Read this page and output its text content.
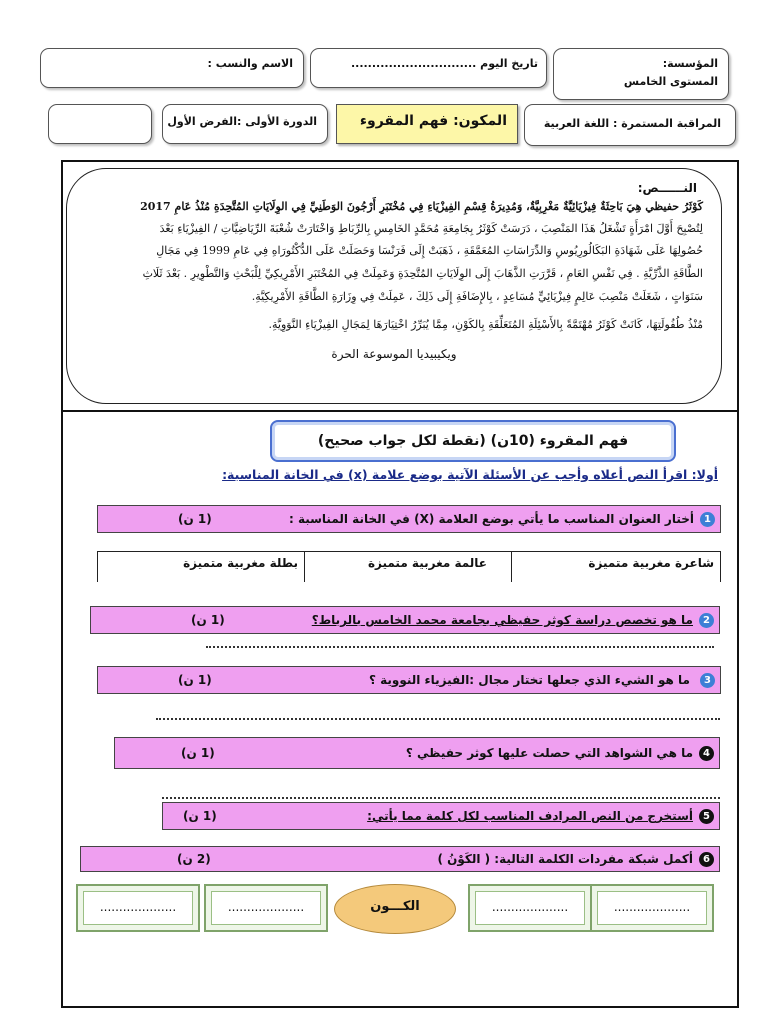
المؤسسة:
المستوى الخامس
تاريخ اليوم ..............................
الاسم والنسب :
المراقبة المستمرة : اللغة العربية
المكون: فهم المقروء
الدورة الأولى :الفرض الأول
النــــــص:
كَوْثَرُ حفيظي هِيَ بَاحِثَةٌ فِيزْيَائِيَّةٌ مَغْرِبِيَّةٌ، وَمُدِيرَةُ قِسْمِ الفِيزْيَاءِ فِي مُخْتَبَرِ أَرْجُونَ الوَطَنِيِّ فِي الوِلَايَاتِ المُتَّحِدَةِ مُنْذُ عَامِ 2017
لِتُصْبِحَ أَوَّلَ امْرَأَةٍ تَشْغَلُ هَذَا المَنْصِبَ ، دَرَسَتْ كَوْثَرُ بِجَامِعَةِ مُحَمَّدٍ الخَامِسِ بِالرِّبَاطِ وَاخْتَارَتْ شُعْبَةَ الرِّيَاضِيَّاتِ / الفِيزْيَاءِ بَعْدَ
حُصُولِهَا عَلَى شَهَادَةِ البَكَالُورِيُوسِ وَالدِّرَاسَاتِ المُعَمَّقَةِ ، ذَهَبَتْ إِلَى فَرَنْسَا وَحَصَلَتْ عَلَى الدُّكْتُورَاهِ فِي عَامِ 1999 فِي مَجَالِ
الطَّاقَةِ الذَّرِّيَّةِ . فِي نَفْسِ العَامِ ، قَرَّرَتِ الذَّهَابَ إِلَى الوِلَايَاتِ المُتَّحِدَةِ وَعَمِلَتْ فِي المُخْتَبَرِ الأَمْرِيكِيِّ لِلْبَحْثِ وَالتَّطْوِيرِ . بَعْدَ ثَلَاثِ
سَنَوَاتٍ ، شَغَلَتْ مَنْصِبَ عَالِمٍ فِيزْيَائِيٍّ مُسَاعِدٍ ، بِالإِضَافَةِ إِلَى ذَلِكَ ، عَمِلَتْ فِي وِزَارَةِ الطَّاقَةِ الأَمْرِيكِيَّةِ.
مُنْذُ طُفُولَتِهَا، كَانَتْ كَوْثَرُ مُهْتَمَّةً بِالأَسْئِلَةِ المُتَعَلِّقَةِ بِالكَوْنِ، مِمَّا يُبَرِّرُ اخْتِيَارَهَا لِمَجَالِ الفِيزْيَاءِ النَّوَوِيَّةِ.
ويكيبيديا الموسوعة الحرة
فهم المقروء (10ن) (نقطة لكل جواب صحيح)
أولا: اقرأ النص أعلاه وأجب عن الأسئلة الآتية بوضع علامة (x) في الخانة المناسبة:
1
أختار العنوان المناسب ما يأتي بوضع العلامة (X) في الخانة المناسبة :
(1 ن)
شاعرة مغربية متميزة
عالمة مغربية متميزة
بطلة مغربية متميزة
2
ما هو تخصص دراسة كوثر حفيظي بجامعة محمد الخامس بالرباط؟
(1 ن)
3
ما هو الشيء الذي جعلها تختار مجال :الفيزياء النووية ؟
(1 ن)
4
ما هي الشواهد التي حصلت عليها كوثر حفيظي ؟
(1 ن)
5
أستخرج من النص المرادف المناسب لكل كلمة مما يأتي:
(1 ن)
6
أكمل شبكة مفردات الكلمة التالية: ( الكَوْنُ )
(2 ن)
....................
....................
الكـــون
....................
....................
